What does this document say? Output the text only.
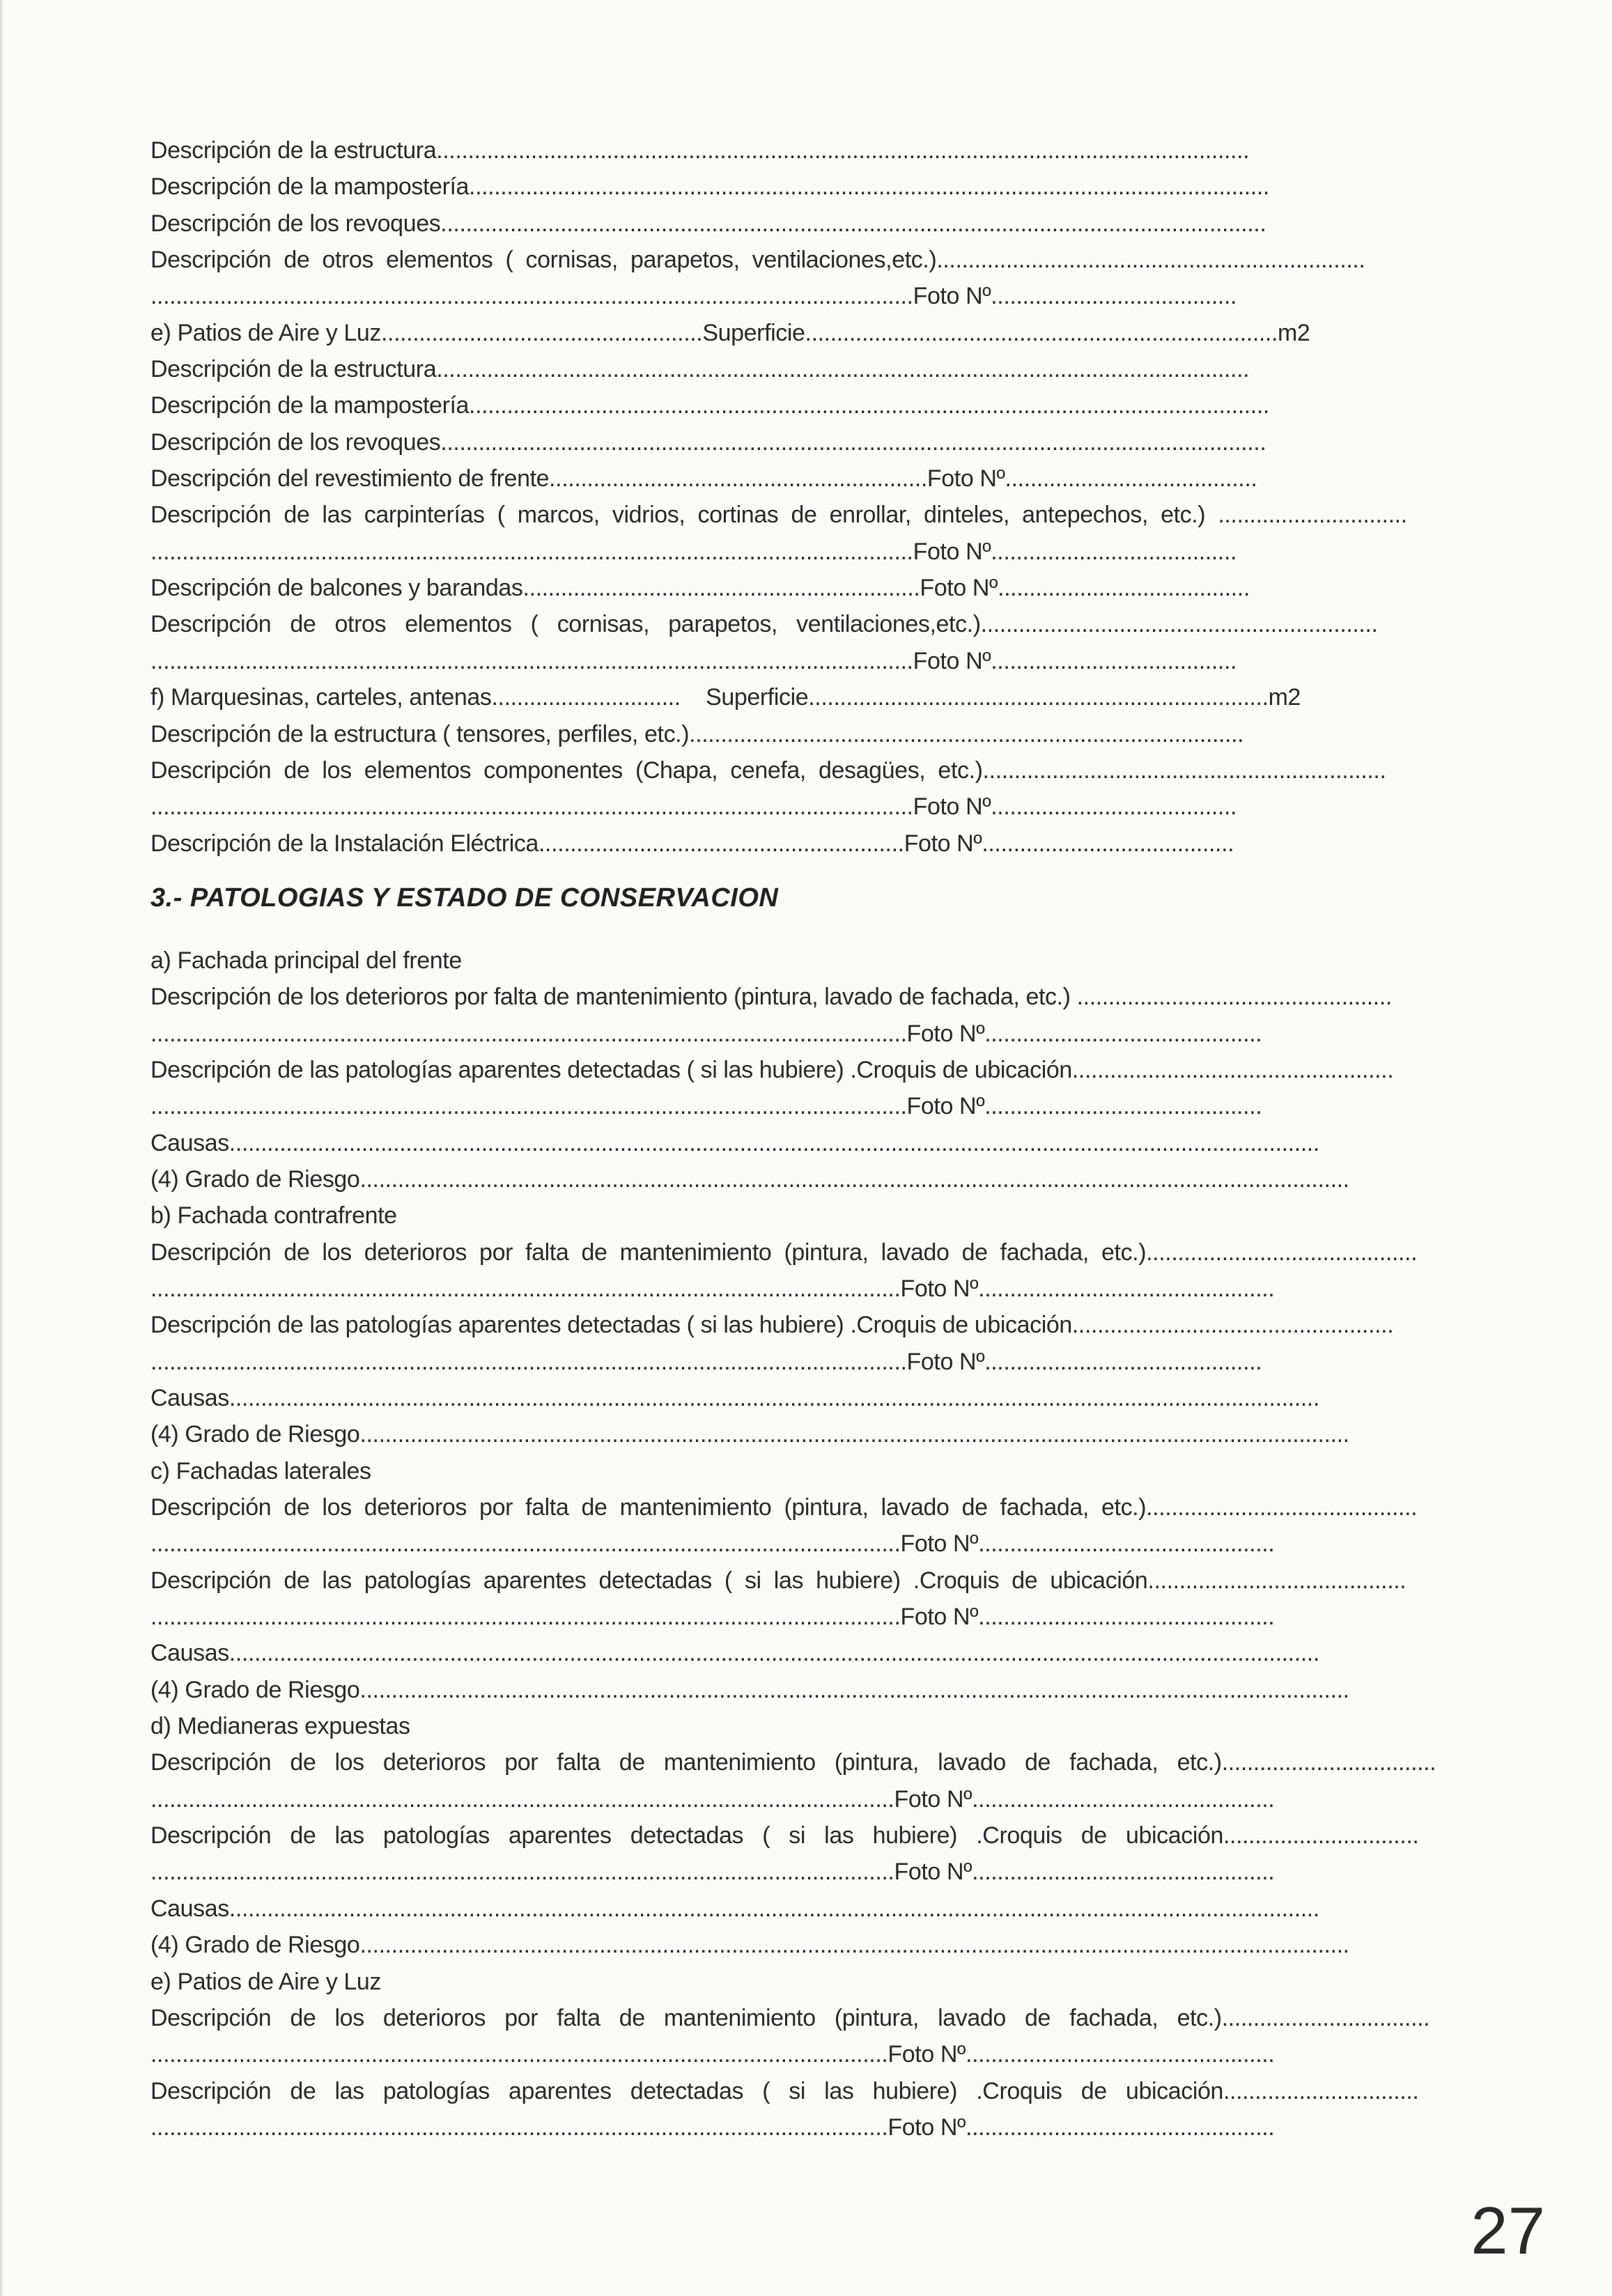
Descripción de la estructura.................................................................................................................................
Descripción de la mampostería...............................................................................................................................
Descripción de los revoques...................................................................................................................................
Descripción  de  otros  elementos  (  cornisas,  parapetos,  ventilaciones,etc.)....................................................................
.........................................................................................................................Foto Nº.......................................
e) Patios de Aire y Luz...................................................Superficie...........................................................................m2
Descripción de la estructura.................................................................................................................................
Descripción de la mampostería...............................................................................................................................
Descripción de los revoques...................................................................................................................................
Descripción del revestimiento de frente............................................................Foto Nº........................................
Descripción  de  las  carpinterías  (  marcos,  vidrios,  cortinas  de  enrollar,  dinteles,  antepechos,  etc.)  ..............................
.........................................................................................................................Foto Nº.......................................
Descripción de balcones y barandas...............................................................Foto Nº........................................
Descripción   de   otros   elementos   (   cornisas,   parapetos,   ventilaciones,etc.)...............................................................
.........................................................................................................................Foto Nº.......................................
f) Marquesinas, carteles, antenas..............................    Superficie.........................................................................m2
Descripción de la estructura ( tensores, perfiles, etc.)........................................................................................
Descripción  de  los  elementos  componentes  (Chapa,  cenefa,  desagües,  etc.)................................................................
.........................................................................................................................Foto Nº.......................................
Descripción de la Instalación Eléctrica..........................................................Foto Nº........................................
3.- PATOLOGIAS Y ESTADO DE CONSERVACION
a) Fachada principal del frente
Descripción de los deterioros por falta de mantenimiento (pintura, lavado de fachada, etc.) ..................................................
........................................................................................................................Foto Nº............................................
Descripción de las patologías aparentes detectadas ( si las hubiere) .Croquis de ubicación...................................................
........................................................................................................................Foto Nº............................................
Causas.............................................................................................................................................................................
(4) Grado de Riesgo.............................................................................................................................................................
b) Fachada contrafrente
Descripción  de  los  deterioros  por  falta  de  mantenimiento  (pintura,  lavado  de  fachada,  etc.)...........................................
.......................................................................................................................Foto Nº...............................................
Descripción de las patologías aparentes detectadas ( si las hubiere) .Croquis de ubicación...................................................
........................................................................................................................Foto Nº............................................
Causas.............................................................................................................................................................................
(4) Grado de Riesgo.............................................................................................................................................................
c) Fachadas laterales
Descripción  de  los  deterioros  por  falta  de  mantenimiento  (pintura,  lavado  de  fachada,  etc.)...........................................
.......................................................................................................................Foto Nº...............................................
Descripción  de  las  patologías  aparentes  detectadas  (  si  las  hubiere)  .Croquis  de  ubicación.........................................
.......................................................................................................................Foto Nº...............................................
Causas.............................................................................................................................................................................
(4) Grado de Riesgo.............................................................................................................................................................
d) Medianeras expuestas
Descripción   de   los   deterioros   por   falta   de   mantenimiento   (pintura,   lavado   de   fachada,   etc.)..................................
......................................................................................................................Foto Nº................................................
Descripción   de   las   patologías   aparentes   detectadas   (   si   las   hubiere)   .Croquis   de   ubicación...............................
......................................................................................................................Foto Nº................................................
Causas.............................................................................................................................................................................
(4) Grado de Riesgo.............................................................................................................................................................
e) Patios de Aire y Luz
Descripción   de   los   deterioros   por   falta   de   mantenimiento   (pintura,   lavado   de   fachada,   etc.).................................
.....................................................................................................................Foto Nº.................................................
Descripción   de   las   patologías   aparentes   detectadas   (   si   las   hubiere)   .Croquis   de   ubicación...............................
.....................................................................................................................Foto Nº.................................................
27
